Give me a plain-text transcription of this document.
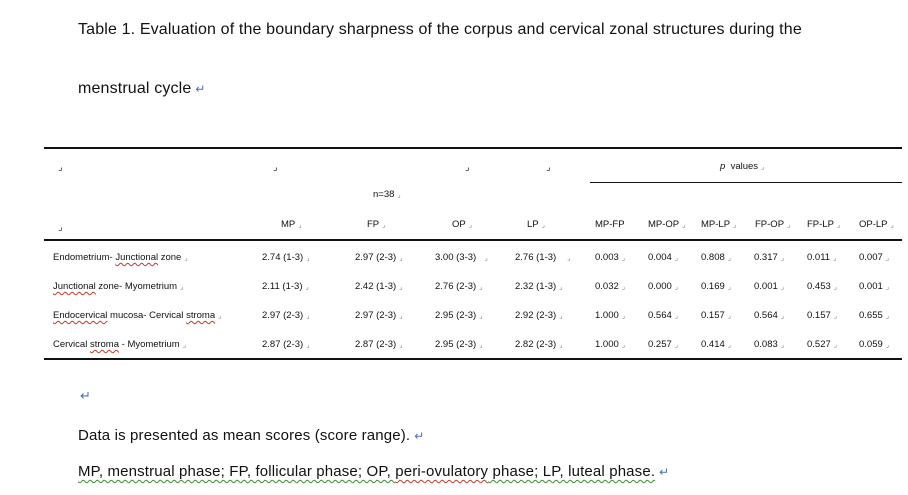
Table 1. Evaluation of the boundary sharpness of the corpus and cervical zonal structures during the
menstrual cycle ↵
⌟	⌟	⌟	⌟	p values ⌟
n=38 ⌟
⌟	MP ⌟	FP ⌟	OP ⌟	LP ⌟	MP-FP MP-OP ⌟ MP-LP ⌟ FP-OP ⌟ FP-LP ⌟ OP-LP ⌟
Endometrium- Junctional zone ⌟	2.74 (1-3) ⌟	2.97 (2-3) ⌟	3.00 (3-3) ⌟	2.76 (1-3) ⌟	0.003 ⌟ 0.004 ⌟ 0.808 ⌟ 0.317 ⌟ 0.011 ⌟ 0.007 ⌟
Junctional zone- Myometrium ⌟	2.11 (1-3) ⌟	2.42 (1-3) ⌟	2.76 (2-3) ⌟	2.32 (1-3) ⌟	0.032 ⌟ 0.000 ⌟ 0.169 ⌟ 0.001 ⌟ 0.453 ⌟ 0.001 ⌟
Endocervical mucosa- Cervical stroma ⌟	2.97 (2-3) ⌟	2.97 (2-3) ⌟	2.95 (2-3) ⌟	2.92 (2-3) ⌟	1.000 ⌟ 0.564 ⌟ 0.157 ⌟ 0.564 ⌟ 0.157 ⌟ 0.655 ⌟
Cervical stroma - Myometrium ⌟	2.87 (2-3) ⌟	2.87 (2-3) ⌟	2.95 (2-3) ⌟	2.82 (2-3) ⌟	1.000 ⌟ 0.257 ⌟ 0.414 ⌟ 0.083 ⌟ 0.527 ⌟ 0.059 ⌟
↵
Data is presented as mean scores (score range). ↵
MP, menstrual phase; FP, follicular phase; OP, peri-ovulatory phase; LP, luteal phase. ↵
